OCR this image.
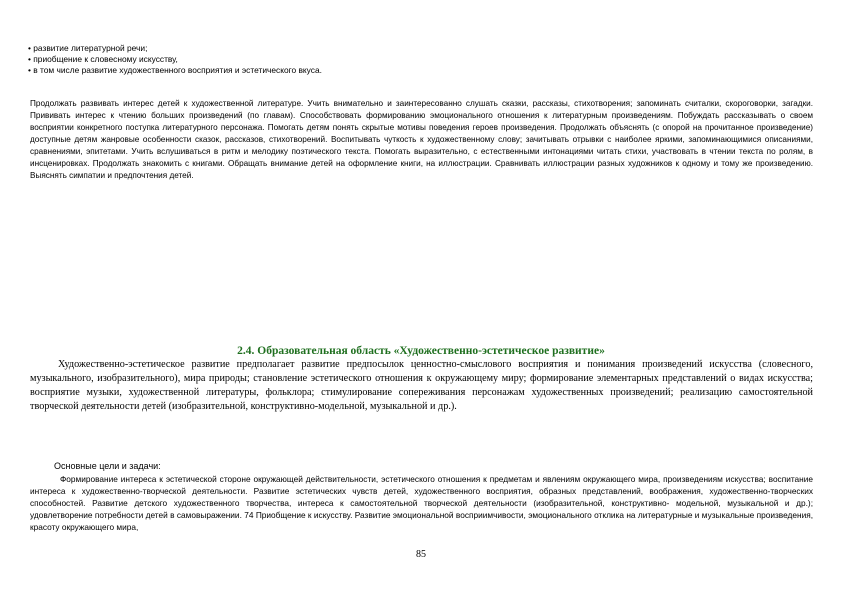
• развитие литературной речи;
• приобщение к словесному искусству,
• в том числе развитие художественного восприятия и эстетического вкуса.

Продолжать развивать интерес детей к художественной литературе. Учить внимательно и заинтересованно слушать сказки, рассказы, стихотворения; запоминать считалки, скороговорки, загадки. Прививать интерес к чтению больших произведений (по главам). Способствовать формированию эмоционального отношения к литературным произведениям. Побуждать рассказывать о своем восприятии конкретного поступка литературного персонажа. Помогать детям понять скрытые мотивы поведения героев произведения. Продолжать объяснять (с опорой на прочитанное произведение) доступные детям жанровые особенности сказок, рассказов, стихотворений. Воспитывать чуткость к художественному слову; зачитывать отрывки с наиболее яркими, запоминающимися описаниями, сравнениями, эпитетами. Учить вслушиваться в ритм и мелодику поэтического текста. Помогать выразительно, с естественными интонациями читать стихи, участвовать в чтении текста по ролям, в инсценировках. Продолжать знакомить с книгами. Обращать внимание детей на оформление книги, на иллюстрации. Сравнивать иллюстрации разных художников к одному и тому же произведению. Выяснять симпатии и предпочтения детей.

2.4. Образовательная область «Художественно-эстетическое развитие»

Художественно-эстетическое развитие предполагает развитие предпосылок ценностно-смыслового восприятия и понимания произведений искусства (словесного, музыкального, изобразительного), мира природы; становление эстетического отношения к окружающему миру; формирование элементарных представлений о видах искусства; восприятие музыки, художественной литературы, фольклора; стимулирование сопереживания персонажам художественных произведений; реализацию самостоятельной творческой деятельности детей (изобразительной, конструктивно-модельной, музыкальной и др.).

Основные цели и задачи:

Формирование интереса к эстетической стороне окружающей действительности, эстетического отношения к предметам и явлениям окружающего мира, произведениям искусства; воспитание интереса к художественно-творческой деятельности. Развитие эстетических чувств детей, художественного восприятия, образных представлений, воображения, художественно-творческих способностей. Развитие детского художественного творчества, интереса к самостоятельной творческой деятельности (изобразительной, конструктивно- модельной, музыкальной и др.); удовлетворение потребности детей в самовыражении. 74 Приобщение к искусству. Развитие эмоциональной восприимчивости, эмоционального отклика на литературные и музыкальные произведения, красоту окружающего мира,

85
